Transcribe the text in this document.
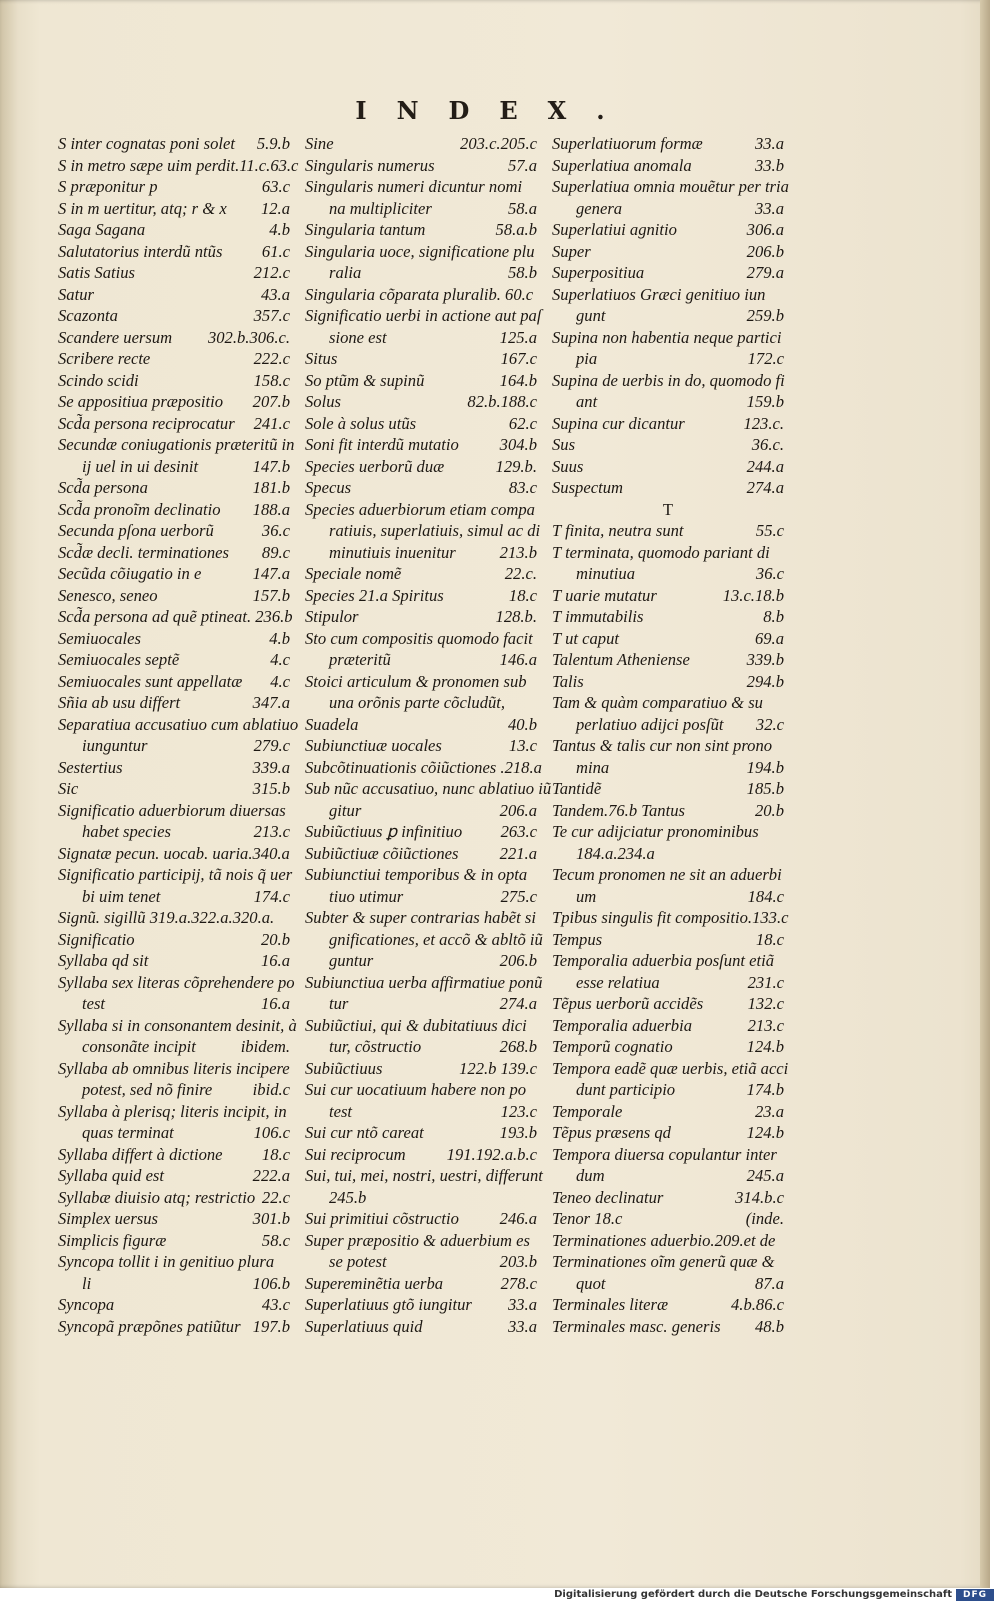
INDEX.
S inter cognatas poni solet 5.9.b
S in metro sæpe uim perdit.11.c.63.c
S præponitur p	63.c
S in m uertitur, atq; r & x 12.a
Saga Sagana	4.b
Salutatorius interdũ ntũs 61.c
Satis Satius	212.c
Satur	43.a
Scazonta	357.c
Scandere uersum 302.b.306.c.
Scribere recte	222.c
Scindo scidi	158.c
Se appositiua præpositio 207.b
Scd̃a persona reciprocatur 241.c
Secundæ coniugationis præteritũ in
ij uel in ui desinit	147.b
Scd̃a persona	181.b
Scd̃a pronoĩm declinatio 188.a
Secunda pſona uerborũ	36.c
Scd̃æ decli. terminationes 89.c
Secũda cõiugatio in e	147.a
Senesco, seneo	157.b
Scd̃a persona ad quẽ ptineat. 236.b
Semiuocales	4.b
Semiuocales septẽ	4.c
Semiuocales sunt appellatæ 4.c
Sñia ab usu differt	347.a
Separatiua accusatiuo cum ablatiuo
iunguntur	279.c
Sestertius	339.a
Sic	315.b
Significatio aduerbiorum diuersas
habet species	213.c
Signatæ pecun. uocab. uaria.340.a
Significatio participij, tã nois q̃ uer
bi uim tenet	174.c
Signũ. sigillũ 319.a.322.a.320.a.
Significatio	20.b
Syllaba qd sit	16.a
Syllaba sex literas cõprehendere po
test	16.a
Syllaba si in consonantem desinit, à
consonãte incipit	ibidem.
Syllaba ab omnibus literis incipere
potest, sed nõ finire ibid.c
Syllaba à plerisq; literis incipit, in
quas terminat	106.c
Syllaba differt à dictione 18.c
Syllaba quid est	222.a
Syllabæ diuisio atq; restrictio 22.c
Simplex uersus	301.b
Simplicis figuræ	58.c
Syncopa tollit i in genitiuo plura
li	106.b
Syncopa	43.c
Syncopã præpõnes patiũtur 197.b
Sine	203.c.205.c
Singularis numerus	57.a
Singularis numeri dicuntur nomi
na multipliciter	58.a
Singularia tantum	58.a.b
Singularia uoce, significatione plu
ralia	58.b
Singularia cõparata pluralib. 60.c
Significatio uerbi in actione aut paſ
sione est	125.a
Situs	167.c
So ptũm & supinũ	164.b
Solus	82.b.188.c
Sole à solus utũs	62.c
Soni fit interdũ mutatio 304.b
Species uerborũ duæ	129.b.
Specus	83.c
Species aduerbiorum etiam compa
ratiuis, superlatiuis, simul ac di
minutiuis inuenitur	213.b
Speciale nomẽ	22.c.
Species 21.a Spiritus	18.c
Stipulor	128.b.
Sto cum compositis quomodo facit
præteritũ	146.a
Stoici articulum & pronomen sub
una orõnis parte cõcludũt,
Suadela	40.b
Subiunctiuæ uocales	13.c
Subcõtinuationis cõiũctiones .218.a
Sub nũc accusatiuo, nunc ablatiuo iũ
gitur	206.a
Subiũctiuus ꝑ infinitiuo 263.c
Subiũctiuæ cõiũctiones 221.a
Subiunctiui temporibus & in opta
tiuo utimur	275.c
Subter & super contrarias habẽt si
gnificationes, et accõ & abltõ iũ
guntur	206.b
Subiunctiua uerba affirmatiue ponũ
tur	274.a
Subiũctiui, qui & dubitatiuus dici
tur, cõstructio	268.b
Subiũctiuus	122.b 139.c
Sui cur uocatiuum habere non po
test	123.c
Sui cur ntõ careat	193.b
Sui reciprocum 191.192.a.b.c
Sui, tui, mei, nostri, uestri, differunt
245.b
Sui primitiui cõstructio 246.a
Super præpositio & aduerbium es
se potest	203.b
Supereminẽtia uerba	278.c
Superlatiuus gtõ iungitur 33.a
Superlatiuus quid	33.a
Superlatiuorum formæ	33.a
Superlatiua anomala	33.b
Superlatiua omnia mouẽtur per tria
genera	33.a
Superlatiui agnitio	306.a
Super	206.b
Superpositiua	279.a
Superlatiuos Græci genitiuo iun
gunt	259.b
Supina non habentia neque partici
pia	172.c
Supina de uerbis in do, quomodo fi
ant	159.b
Supina cur dicantur	123.c.
Sus	36.c.
Suus	244.a
Suspectum	274.a
T
T finita, neutra sunt	55.c
T terminata, quomodo pariant di
minutiua	36.c
T uarie mutatur	13.c.18.b
T immutabilis	8.b
T ut caput	69.a
Talentum Atheniense	339.b
Talis	294.b
Tam & quàm comparatiuo & su
perlatiuo adijci posſũt 32.c
Tantus & talis cur non sint prono
mina	194.b
Tantidẽ	185.b
Tandem.76.b Tantus	20.b
Te cur adijciatur pronominibus
184.a.234.a
Tecum pronomen ne sit an aduerbi
um	184.c
Tpibus singulis fit compositio.133.c
Tempus	18.c
Temporalia aduerbia posſunt etiã
esse relatiua	231.c
Tẽpus uerborũ accidẽs	132.c
Temporalia aduerbia	213.c
Temporũ cognatio	124.b
Tempora eadẽ quæ uerbis, etiã acci
dunt participio	174.b
Temporale	23.a
Tẽpus præsens qd	124.b
Tempora diuersa copulantur inter
dum	245.a
Teneo declinatur	314.b.c
Tenor 18.c	(inde.
Terminationes aduerbio.209.et de
Terminationes oĩm generũ quæ &
quot	87.a
Terminales literæ	4.b.86.c
Terminales masc. generis 48.b
Digitalisierung gefördert durch die Deutsche Forschungsgemeinschaft	DFG
